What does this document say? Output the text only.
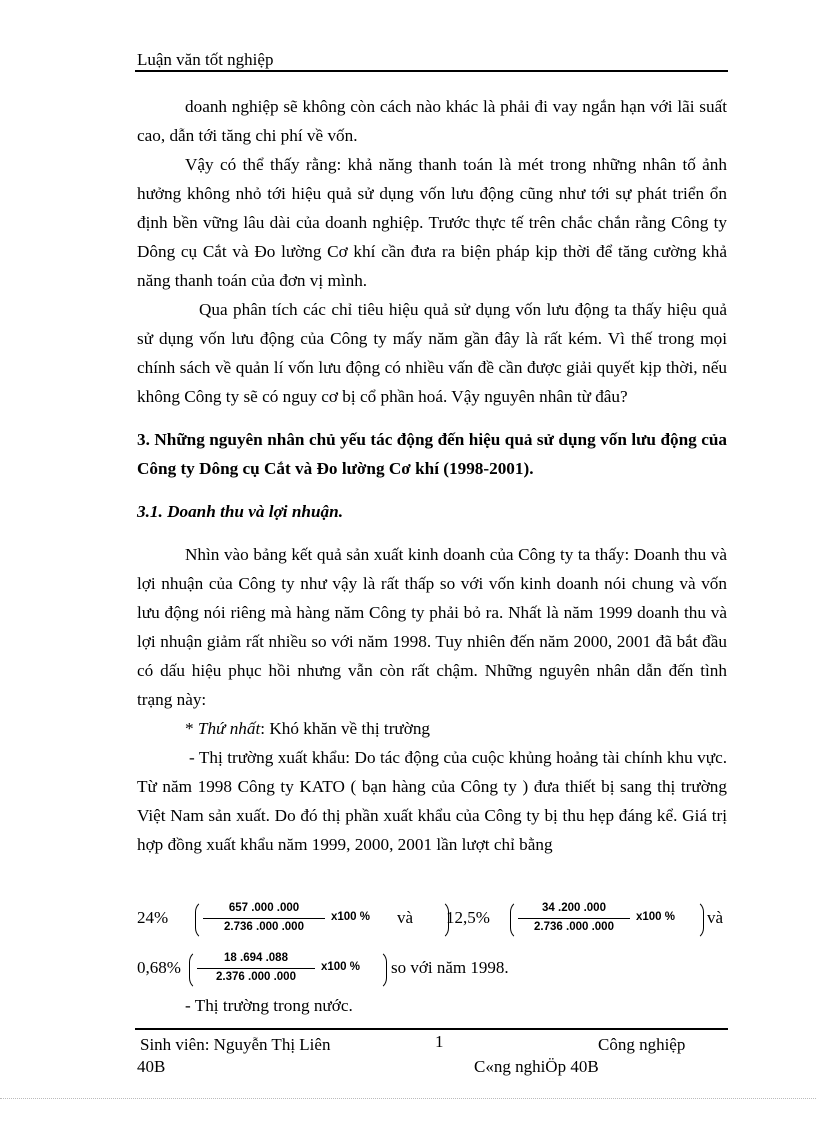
Luận văn tốt nghiệp

doanh nghiệp sẽ không còn cách nào khác là phải đi vay ngắn hạn với lãi suất cao, dẫn tới tăng chi phí về vốn.

Vậy có thể thấy rằng: khả năng thanh toán là mét trong những nhân tố ảnh hưởng không nhỏ tới hiệu quả sử dụng vốn lưu động cũng như tới sự phát triển ổn định bền vững lâu dài của doanh nghiệp. Trước thực tế trên chắc chắn rằng Công ty Dông cụ Cắt và Đo lường Cơ khí cần đưa ra biện pháp kịp thời để tăng cường khả năng thanh toán của đơn vị mình.

Qua phân tích các chỉ tiêu hiệu quả sử dụng vốn lưu động ta thấy hiệu quả sử dụng vốn lưu động của Công ty mấy năm gần đây là rất kém. Vì thế trong mọi chính sách về quản lí vốn lưu động có nhiều vấn đề cần được giải quyết kịp thời, nếu không Công ty sẽ có nguy cơ bị cổ phần hoá. Vậy nguyên nhân từ đâu?

3. Những nguyên nhân chủ yếu tác động đến hiệu quả sử dụng vốn lưu động của Công ty Dông cụ Cắt và Đo lường Cơ khí (1998-2001).

3.1. Doanh thu và lợi nhuận.

Nhìn vào bảng kết quả sản xuất kinh doanh của Công ty ta thấy: Doanh thu và lợi nhuận của Công ty như vậy là rất thấp so với vốn kinh doanh nói chung và vốn lưu động nói riêng mà hàng năm Công ty phải bỏ ra. Nhất là năm 1999 doanh thu và lợi nhuận giảm rất nhiều so với năm 1998. Tuy nhiên đến năm 2000, 2001 đã bắt đầu có dấu hiệu phục hồi nhưng vẫn còn rất chậm. Những nguyên nhân dẫn đến tình trạng này:

* Thứ nhất: Khó khăn về thị trường

- Thị trường xuất khẩu: Do tác động của cuộc khủng hoảng tài chính khu vực. Từ năm 1998 Công ty KATO ( bạn hàng của Công ty ) đưa thiết bị sang thị trường Việt Nam sản xuất. Do đó thị phần xuất khẩu của Công ty bị thu hẹp đáng kể. Giá trị hợp đồng xuất khẩu năm 1999, 2000, 2001 lần lượt chỉ bằng

24%	657 .000 .000
2.736 .000 .000
x100 % và 12,5%	34 .200 .000
2.736 .000 .000
x100 % và
0,68%	18 .694 .088
2.376 .000 .000
x100 % so với năm 1998.
- Thị trường trong nước.
Sinh viên: Nguyễn Thị Liên
40B
1	Công nghiệp
C«ng nghiÖp 40B
